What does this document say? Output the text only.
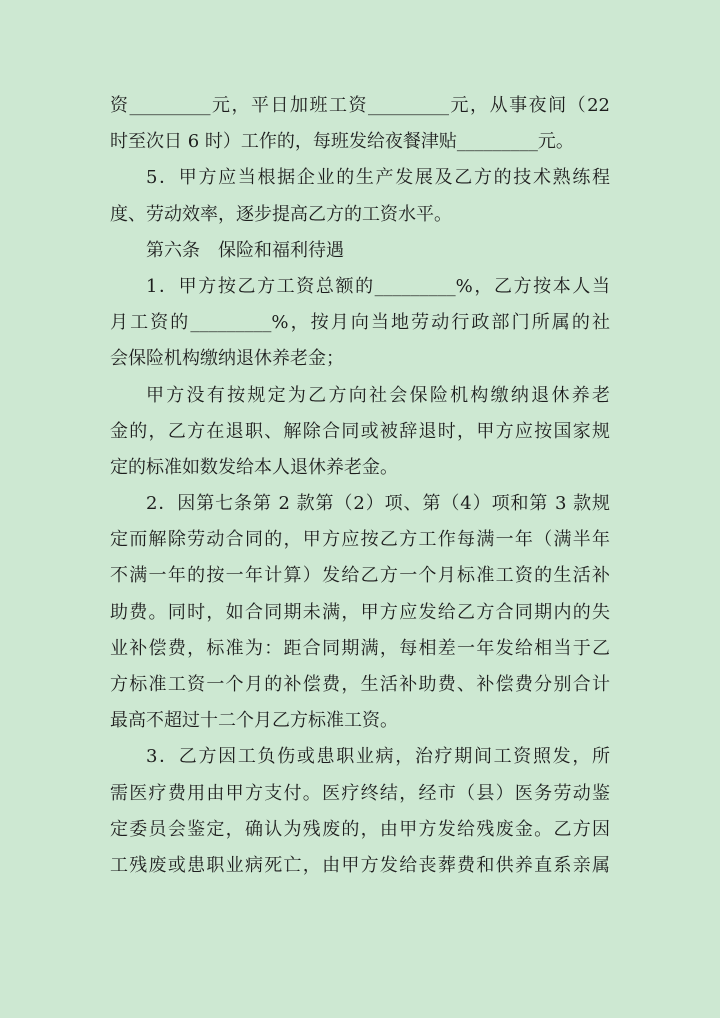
资_________元，平日加班工资_________元，从事夜间（22
时至次日 6 时）工作的，每班发给夜餐津贴_________元。
5．甲方应当根据企业的生产发展及乙方的技术熟练程
度、劳动效率，逐步提高乙方的工资水平。
第六条　保险和福利待遇
1．甲方按乙方工资总额的_________%，乙方按本人当
月工资的_________%，按月向当地劳动行政部门所属的社
会保险机构缴纳退休养老金；
甲方没有按规定为乙方向社会保险机构缴纳退休养老
金的，乙方在退职、解除合同或被辞退时，甲方应按国家规
定的标准如数发给本人退休养老金。
2．因第七条第 2 款第（2）项、第（4）项和第 3 款规
定而解除劳动合同的，甲方应按乙方工作每满一年（满半年
不满一年的按一年计算）发给乙方一个月标准工资的生活补
助费。同时，如合同期未满，甲方应发给乙方合同期内的失
业补偿费，标准为：距合同期满，每相差一年发给相当于乙
方标准工资一个月的补偿费，生活补助费、补偿费分别合计
最高不超过十二个月乙方标准工资。
3．乙方因工负伤或患职业病，治疗期间工资照发，所
需医疗费用由甲方支付。医疗终结，经市（县）医务劳动鉴
定委员会鉴定，确认为残废的，由甲方发给残废金。乙方因
工残废或患职业病死亡，由甲方发给丧葬费和供养直系亲属
